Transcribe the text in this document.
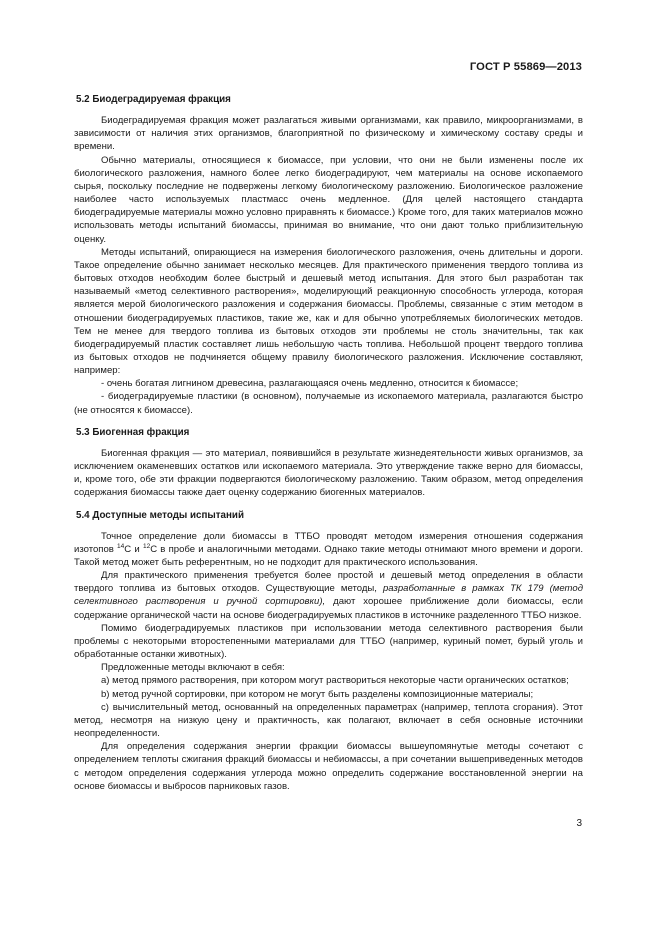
ГОСТ Р 55869—2013
5.2 Биодеградируемая фракция

Биодеградируемая фракция может разлагаться живыми организмами, как правило, микроорганизмами, в зависимости от наличия этих организмов, благоприятной по физическому и химическому составу среды и времени.

Обычно материалы, относящиеся к биомассе, при условии, что они не были изменены после их биологического разложения, намного более легко биодеградируют, чем материалы на основе ископаемого сырья, поскольку последние не подвержены легкому биологическому разложению. Биологическое разложение наиболее часто используемых пластмасс очень медленное. (Для целей настоящего стандарта биодеградируемые материалы можно условно приравнять к биомассе.) Кроме того, для таких материалов можно использовать методы испытаний биомассы, принимая во внимание, что они дают только приблизительную оценку.

Методы испытаний, опирающиеся на измерения биологического разложения, очень длительны и дороги. Такое определение обычно занимает несколько месяцев. Для практического применения твердого топлива из бытовых отходов необходим более быстрый и дешевый метод испытания. Для этого был разработан так называемый «метод селективного растворения», моделирующий реакционную способность углерода, которая является мерой биологического разложения и содержания биомассы. Проблемы, связанные с этим методом в отношении биодеградируемых пластиков, такие же, как и для обычно употребляемых биологических методов. Тем не менее для твердого топлива из бытовых отходов эти проблемы не столь значительны, так как биодеградируемый пластик составляет лишь небольшую часть топлива. Небольшой процент твердого топлива из бытовых отходов не подчиняется общему правилу биологического разложения. Исключение составляют, например:

- очень богатая лигнином древесина, разлагающаяся очень медленно, относится к биомассе;

- биодеградируемые пластики (в основном), получаемые из ископаемого материала, разлагаются быстро (не относятся к биомассе).

5.3 Биогенная фракция

Биогенная фракция — это материал, появившийся в результате жизнедеятельности живых организмов, за исключением окаменевших остатков или ископаемого материала. Это утверждение также верно для биомассы, и, кроме того, обе эти фракции подвергаются биологическому разложению. Таким образом, метод определения содержания биомассы также дает оценку содержанию биогенных материалов.

5.4 Доступные методы испытаний

Точное определение доли биомассы в ТТБО проводят методом измерения отношения содержания изотопов $^{14}$C и $^{12}$C в пробе и аналогичными методами. Однако такие методы отнимают много времени и дороги. Такой метод может быть референтным, но не подходит для практического использования.

Для практического применения требуется более простой и дешевый метод определения в области твердого топлива из бытовых отходов. Существующие методы, разработанные в рамках ТК 179 (метод селективного растворения и ручной сортировки), дают хорошее приближение доли биомассы, если содержание органической части на основе биодеградируемых пластиков в источнике разделенного ТТБО низкое.

Помимо биодеградируемых пластиков при использовании метода селективного растворения были проблемы с некоторыми второстепенными материалами для ТТБО (например, куриный помет, бурый уголь и обработанные останки животных).

Предложенные методы включают в себя:

a) метод прямого растворения, при котором могут раствориться некоторые части органических остатков;

b) метод ручной сортировки, при котором не могут быть разделены композиционные материалы;

c) вычислительный метод, основанный на определенных параметрах (например, теплота сгорания). Этот метод, несмотря на низкую цену и практичность, как полагают, включает в себя основные источники неопределенности.

Для определения содержания энергии фракции биомассы вышеупомянутые методы сочетают с определением теплоты сжигания фракций биомассы и небиомассы, а при сочетании вышеприведенных методов с методом определения содержания углерода можно определить содержание восстановленной энергии на основе биомассы и выбросов парниковых газов.

3
